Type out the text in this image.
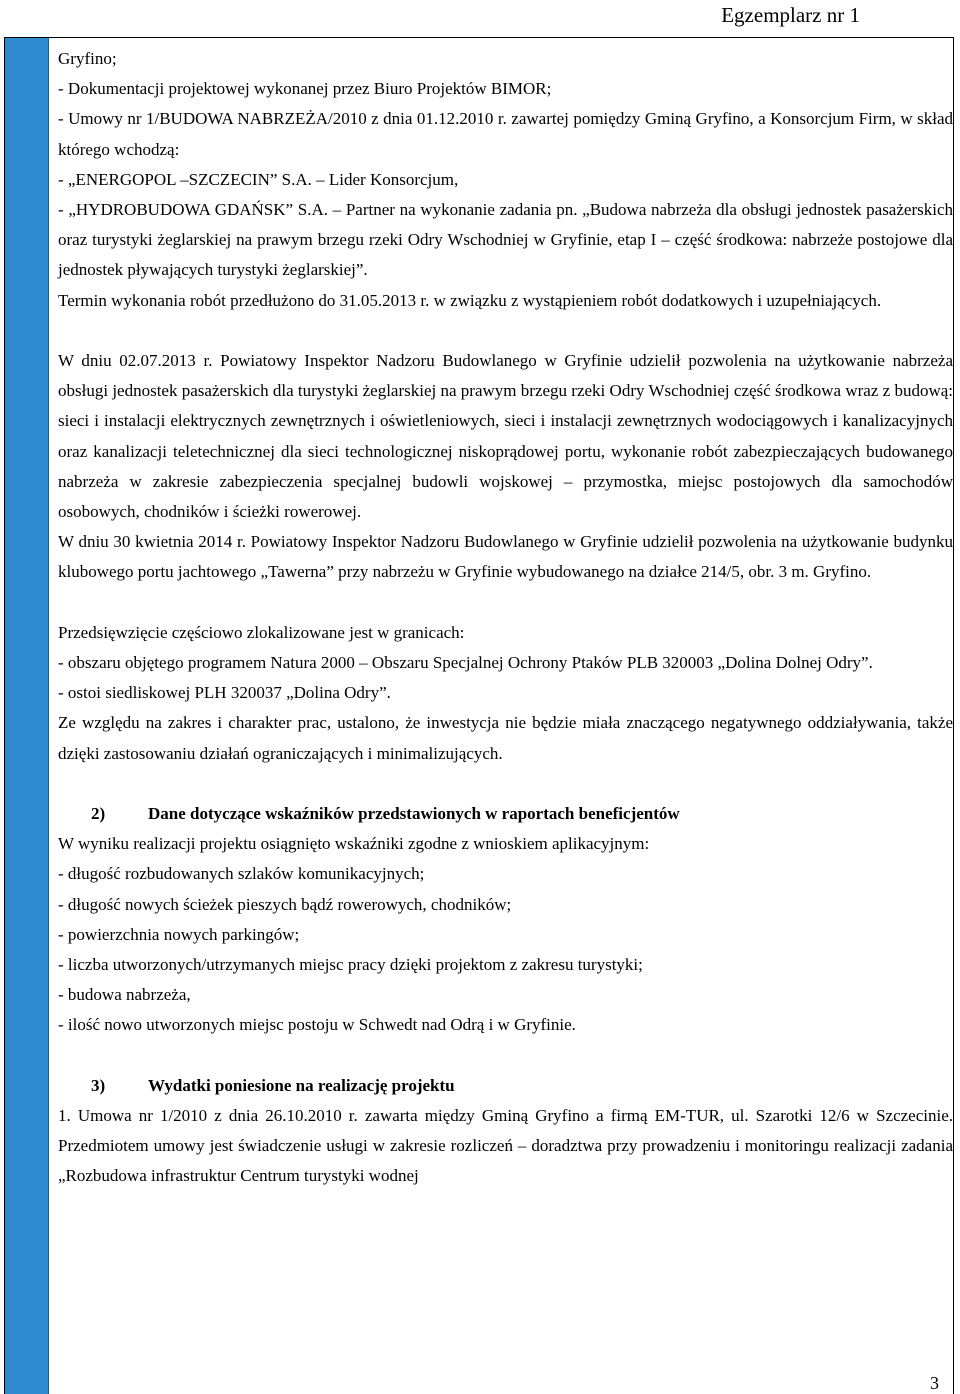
Egzemplarz nr 1

Gryfino;

- Dokumentacji projektowej wykonanej przez Biuro Projektów BIMOR;

- Umowy nr 1/BUDOWA NABRZEŻA/2010 z dnia 01.12.2010 r. zawartej pomiędzy Gminą Gryfino, a Konsorcjum Firm, w skład którego wchodzą:

- „ENERGOPOL –SZCZECIN” S.A. – Lider Konsorcjum,

- „HYDROBUDOWA GDAŃSK” S.A. – Partner na wykonanie zadania pn. „Budowa nabrzeża dla obsługi jednostek pasażerskich oraz turystyki żeglarskiej na prawym brzegu rzeki Odry Wschodniej w Gryfinie, etap I – część środkowa: nabrzeże postojowe dla jednostek pływających turystyki żeglarskiej”.

Termin wykonania robót przedłużono do 31.05.2013 r. w związku z wystąpieniem robót dodatkowych i uzupełniających.

W dniu 02.07.2013 r. Powiatowy Inspektor Nadzoru Budowlanego w Gryfinie udzielił pozwolenia na użytkowanie nabrzeża obsługi jednostek pasażerskich dla turystyki żeglarskiej na prawym brzegu rzeki Odry Wschodniej część środkowa wraz z budową: sieci i instalacji elektrycznych zewnętrznych i oświetleniowych, sieci i instalacji zewnętrznych wodociągowych i kanalizacyjnych oraz kanalizacji teletechnicznej dla sieci technologicznej niskoprądowej portu, wykonanie robót zabezpieczających budowanego nabrzeża w zakresie zabezpieczenia specjalnej budowli wojskowej – przymostka, miejsc postojowych dla samochodów osobowych, chodników i ścieżki rowerowej.

W dniu 30 kwietnia 2014 r. Powiatowy Inspektor Nadzoru Budowlanego w Gryfinie udzielił pozwolenia na użytkowanie budynku klubowego portu jachtowego „Tawerna” przy nabrzeżu w Gryfinie wybudowanego na działce 214/5, obr. 3 m. Gryfino.

Przedsięwzięcie częściowo zlokalizowane jest w granicach:

- obszaru objętego programem Natura 2000 – Obszaru Specjalnej Ochrony Ptaków PLB 320003 „Dolina Dolnej Odry”.

- ostoi siedliskowej PLH 320037 „Dolina Odry”.

Ze względu na zakres i charakter prac, ustalono, że inwestycja nie będzie miała znaczącego negatywnego oddziaływania, także dzięki zastosowaniu działań ograniczających i minimalizujących.

2)	Dane dotyczące wskaźników przedstawionych w raportach beneficjentów

W wyniku realizacji projektu osiągnięto wskaźniki zgodne z wnioskiem aplikacyjnym:

- długość rozbudowanych szlaków komunikacyjnych;

- długość nowych ścieżek pieszych bądź rowerowych, chodników;

- powierzchnia nowych parkingów;

- liczba utworzonych/utrzymanych miejsc pracy dzięki projektom z zakresu turystyki;

- budowa nabrzeża,

- ilość nowo utworzonych miejsc postoju w Schwedt nad Odrą i w Gryfinie.

3)	Wydatki poniesione na realizację projektu

1. Umowa nr 1/2010 z dnia 26.10.2010 r. zawarta między Gminą Gryfino a firmą EM-TUR, ul. Szarotki 12/6 w Szczecinie. Przedmiotem umowy jest świadczenie usługi w zakresie rozliczeń – doradztwa przy prowadzeniu i monitoringu realizacji zadania „Rozbudowa infrastruktur Centrum turystyki wodnej

3
